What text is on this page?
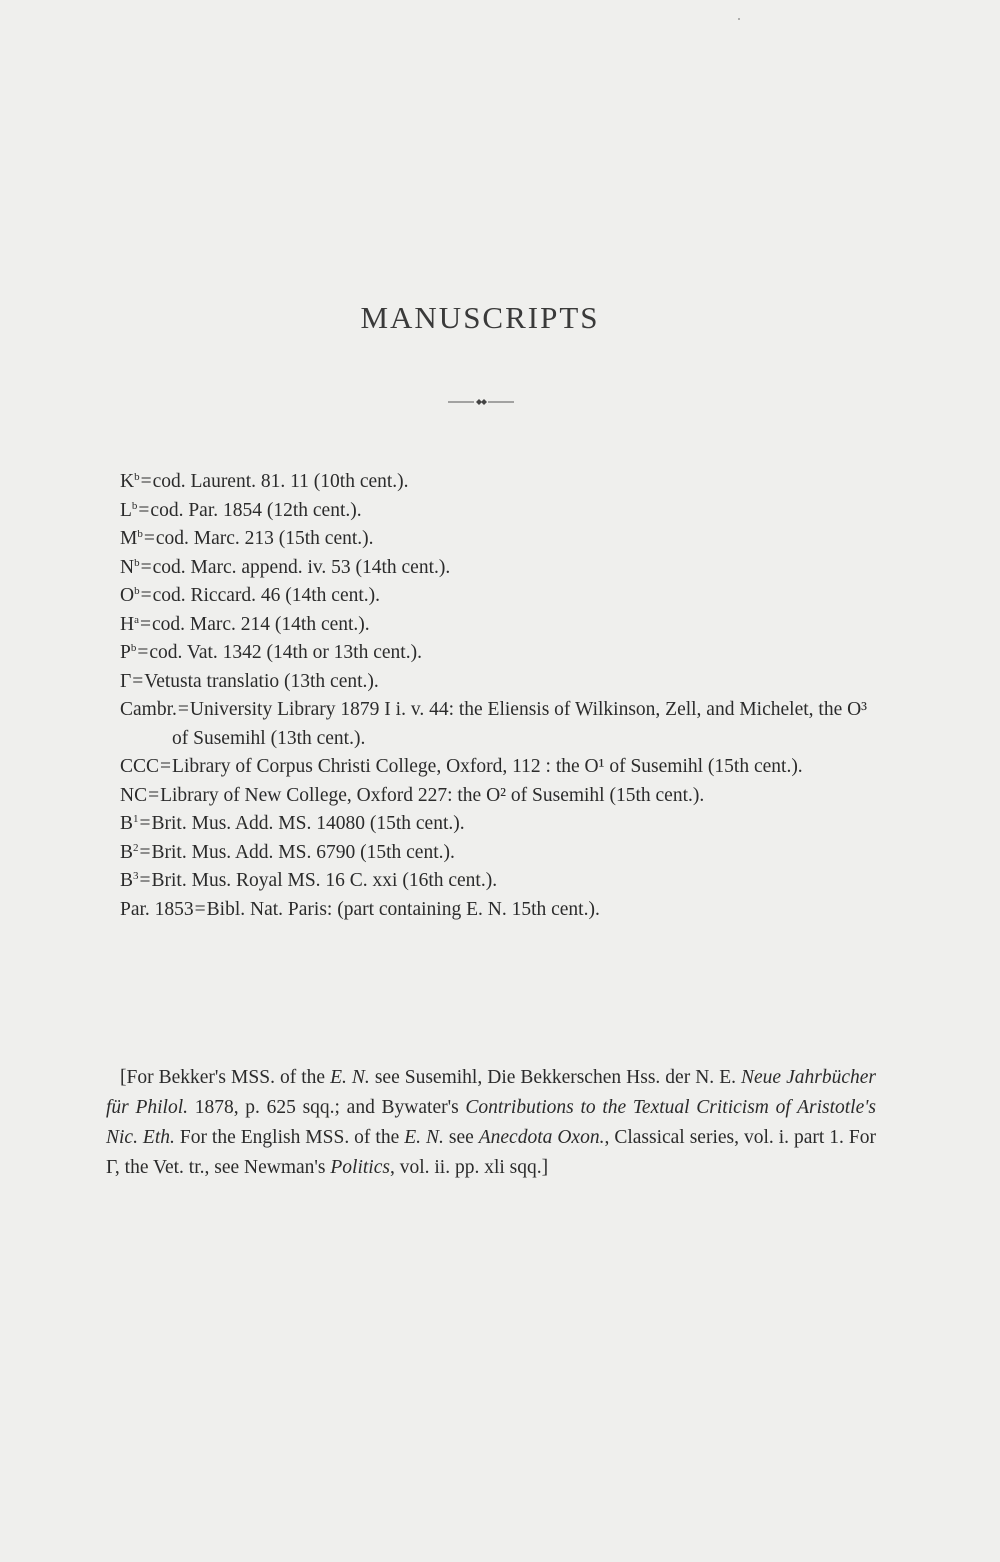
MANUSCRIPTS

$K^b=cod$. Laurent. 81. 11 (10th cent.).

$L^b=cod$. Par. 1854 (12th cent.).

$M^b=cod$. Marc. 213 (15th cent.).

$N^b=cod$. Marc. append. iv. 53 (14th cent.).

$O^b=cod$. Riccard. 46 (14th cent.).

$H^a=cod$. Marc. 214 (14th cent.).

$P^b=cod$. Vat. 1342 (14th or 13th cent.).

Γ=Vetusta translatio (13th cent.).

Cambr.=University Library 1879 I i. v. 44: the Eliensis of Wilkinson, Zell, and Michelet, the O³ of Susemihl (13th cent.).

CCC=Library of Corpus Christi College, Oxford, 112 : the O¹ of Susemihl (15th cent.).

NC=Library of New College, Oxford 227: the O² of Susemihl (15th cent.).

$B^1=Brit$. Mus. Add. MS. 14080 (15th cent.).

$B^2=Brit$. Mus. Add. MS. 6790 (15th cent.).

$B^3=Brit$. Mus. Royal MS. 16 C. xxi (16th cent.).

Par. 1853=Bibl. Nat. Paris: (part containing E. N. 15th cent.).

[For Bekker's MSS. of the E. N. see Susemihl, Die Bekkerschen Hss. der N. E. Neue Jahrbücher für Philol. 1878, p. 625 sqq.; and Bywater's Contributions to the Textual Criticism of Aristotle's Nic. Eth. For the English MSS. of the E. N. see Anecdota Oxon., Classical series, vol. i. part 1. For Γ, the Vet. tr., see Newman's Politics, vol. ii. pp. xli sqq.]
